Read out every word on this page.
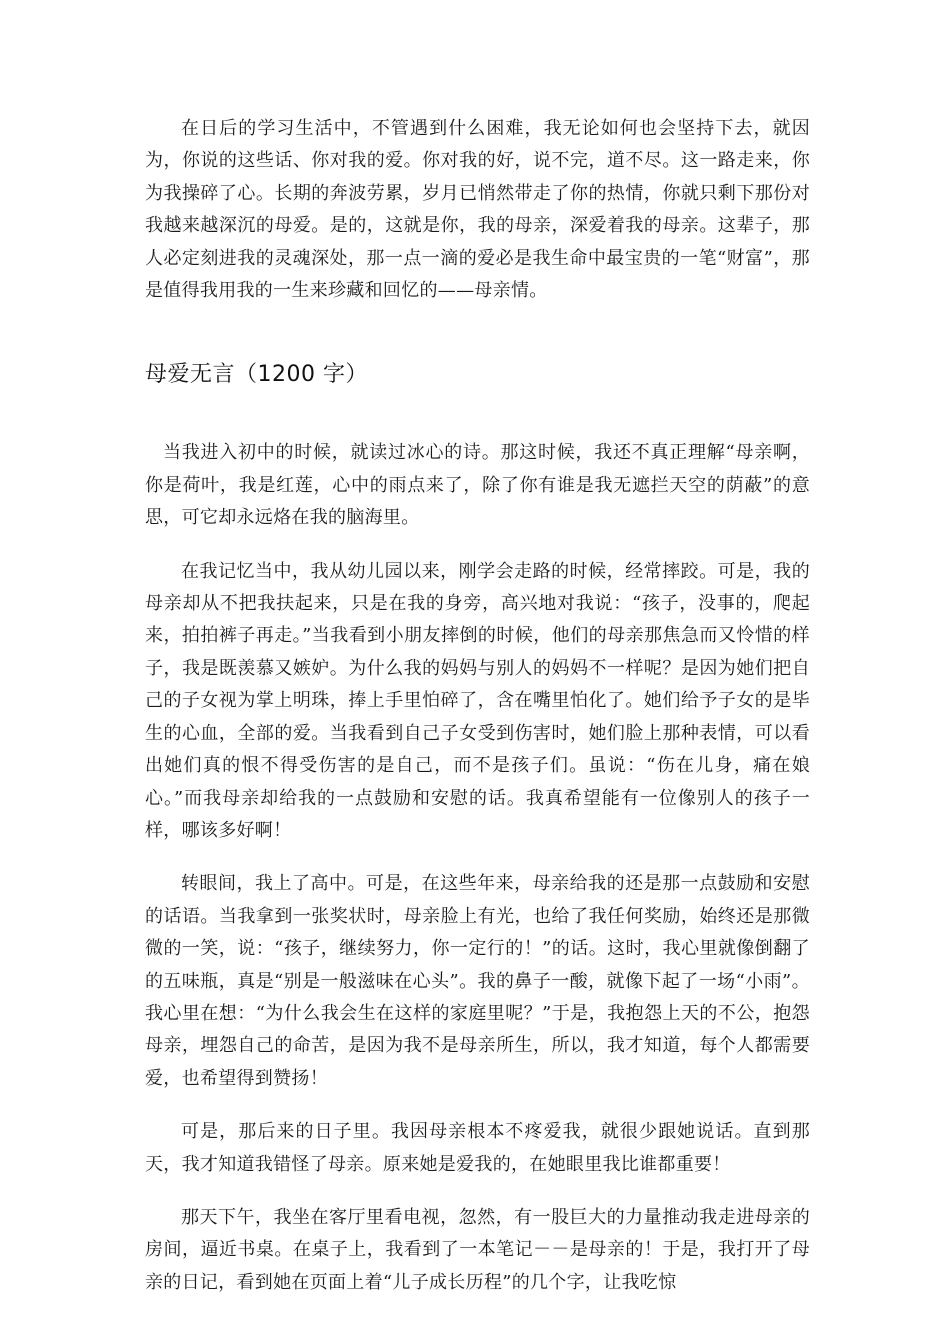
在日后的学习生活中，不管遇到什么困难，我无论如何也会坚持下去，就因为，你说的这些话、你对我的爱。你对我的好，说不完，道不尽。这一路走来，你为我操碎了心。长期的奔波劳累，岁月已悄然带走了你的热情，你就只剩下那份对我越来越深沉的母爱。是的，这就是你，我的母亲，深爱着我的母亲。这辈子，那人必定刻进我的灵魂深处，那一点一滴的爱必是我生命中最宝贵的一笔“财富”，那是值得我用我的一生来珍藏和回忆的——母亲情。

母爱无言（1200 字）

当我进入初中的时候，就读过冰心的诗。那这时候，我还不真正理解“母亲啊，你是荷叶，我是红莲，心中的雨点来了，除了你有谁是我无遮拦天空的荫蔽”的意思，可它却永远烙在我的脑海里。

在我记忆当中，我从幼儿园以来，刚学会走路的时候，经常摔跤。可是，我的母亲却从不把我扶起来，只是在我的身旁，高兴地对我说：“孩子，没事的，爬起来，拍拍裤子再走。”当我看到小朋友摔倒的时候，他们的母亲那焦急而又怜惜的样子，我是既羡慕又嫉妒。为什么我的妈妈与别人的妈妈不一样呢？是因为她们把自己的子女视为掌上明珠，捧上手里怕碎了，含在嘴里怕化了。她们给予子女的是毕生的心血，全部的爱。当我看到自己子女受到伤害时，她们脸上那种表情，可以看出她们真的恨不得受伤害的是自己，而不是孩子们。虽说：“伤在儿身，痛在娘心。”而我母亲却给我的一点鼓励和安慰的话。我真希望能有一位像别人的孩子一样，哪该多好啊！

转眼间，我上了高中。可是，在这些年来，母亲给我的还是那一点鼓励和安慰的话语。当我拿到一张奖状时，母亲脸上有光，也给了我任何奖励，始终还是那微微的一笑，说：“孩子，继续努力，你一定行的！”的话。这时，我心里就像倒翻了的五味瓶，真是“别是一般滋味在心头”。我的鼻子一酸，就像下起了一场“小雨”。我心里在想：“为什么我会生在这样的家庭里呢？”于是，我抱怨上天的不公，抱怨母亲，埋怨自己的命苦，是因为我不是母亲所生，所以，我才知道，每个人都需要爱，也希望得到赞扬！

可是，那后来的日子里。我因母亲根本不疼爱我，就很少跟她说话。直到那天，我才知道我错怪了母亲。原来她是爱我的，在她眼里我比谁都重要！

那天下午，我坐在客厅里看电视，忽然，有一股巨大的力量推动我走进母亲的房间，逼近书桌。在桌子上，我看到了一本笔记－－是母亲的！于是，我打开了母亲的日记，看到她在页面上着“儿子成长历程”的几个字，让我吃惊
